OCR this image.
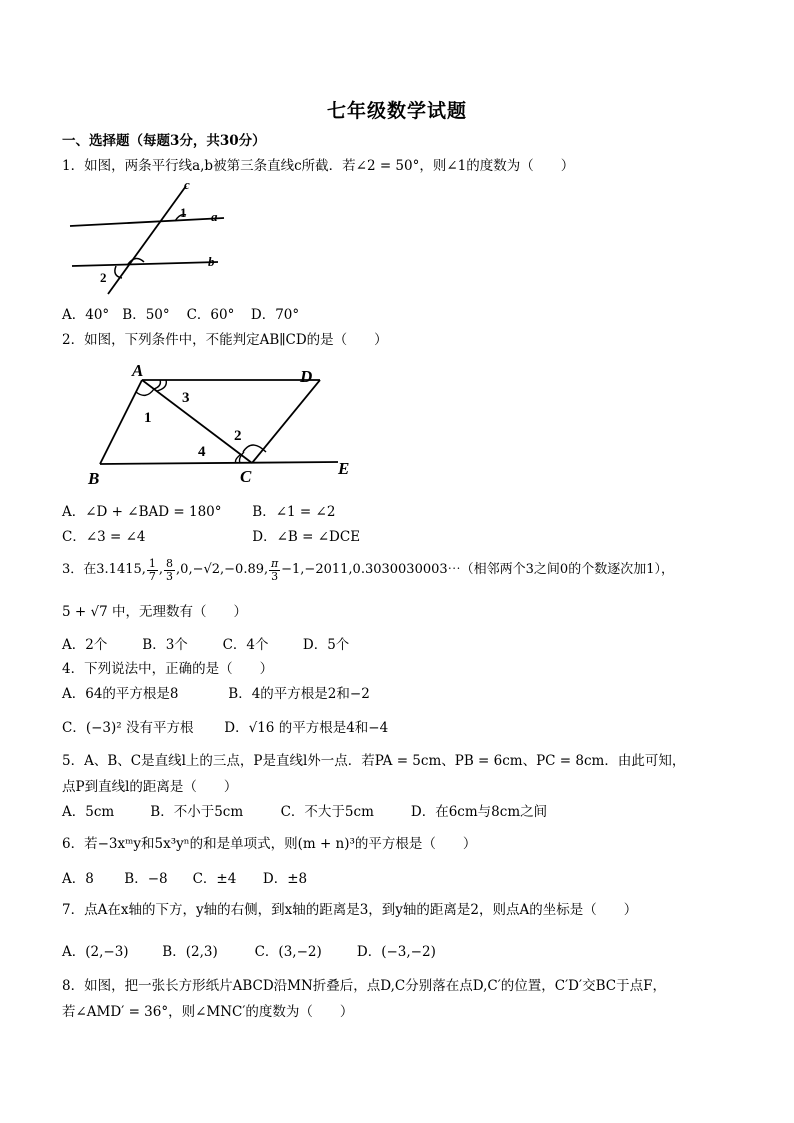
七年级数学试题
一、选择题（每题3分，共30分）
1．如图，两条平行线a,b被第三条直线c所截．若∠2 = 50°，则∠1的度数为（　　）
c
1 a
2
b
A．40° B．50° C．60° D．70°
2．如图，下列条件中，不能判定AB∥CD的是（　　）
A	D
1
3
2
4
B	C	E
A．∠D + ∠BAD = 180° B．∠1 = ∠2
C．∠3 = ∠4	D．∠B = ∠DCE
3．在3.1415, $\frac{1}{7}$ , $\frac{8}{3} ,0,-√2,-0.89$, $\frac{\pi}{3}$ −1,−2011,0.3030030003⋯（相邻两个3之间0的个数逐次加1），
5 + √7 中，无理数有（　　）
A．2个	B．3个	C．4个	D．5个
4．下列说法中，正确的是（　　）
A．64的平方根是8	B．4的平方根是2和−2
C．(−3)² 没有平方根 D．√16 的平方根是4和−4
5．A、B、C是直线l上的三点，P是直线l外一点．若PA = 5cm、PB = 6cm、PC = 8cm．由此可知，
点P到直线l的距离是（　　）
A．5cm	B．不小于5cm	C．不大于5cm	D．在6cm与8cm之间
6．若−3xᵐy和5x³yⁿ的和是单项式，则(m + n)³的平方根是（　　）
A．8 B．−8 C．±4 D．±8
7．点A在x轴的下方，y轴的右侧，到x轴的距离是3，到y轴的距离是2，则点A的坐标是（　　）
A．(2,−3) B．(2,3)	C．(3,−2)	D．(−3,−2)
8．如图，把一张长方形纸片ABCD沿MN折叠后，点D,C分别落在点D,C′的位置，C′D′交BC于点F，
若∠AMD′ = 36°，则∠MNC′的度数为（　　）
